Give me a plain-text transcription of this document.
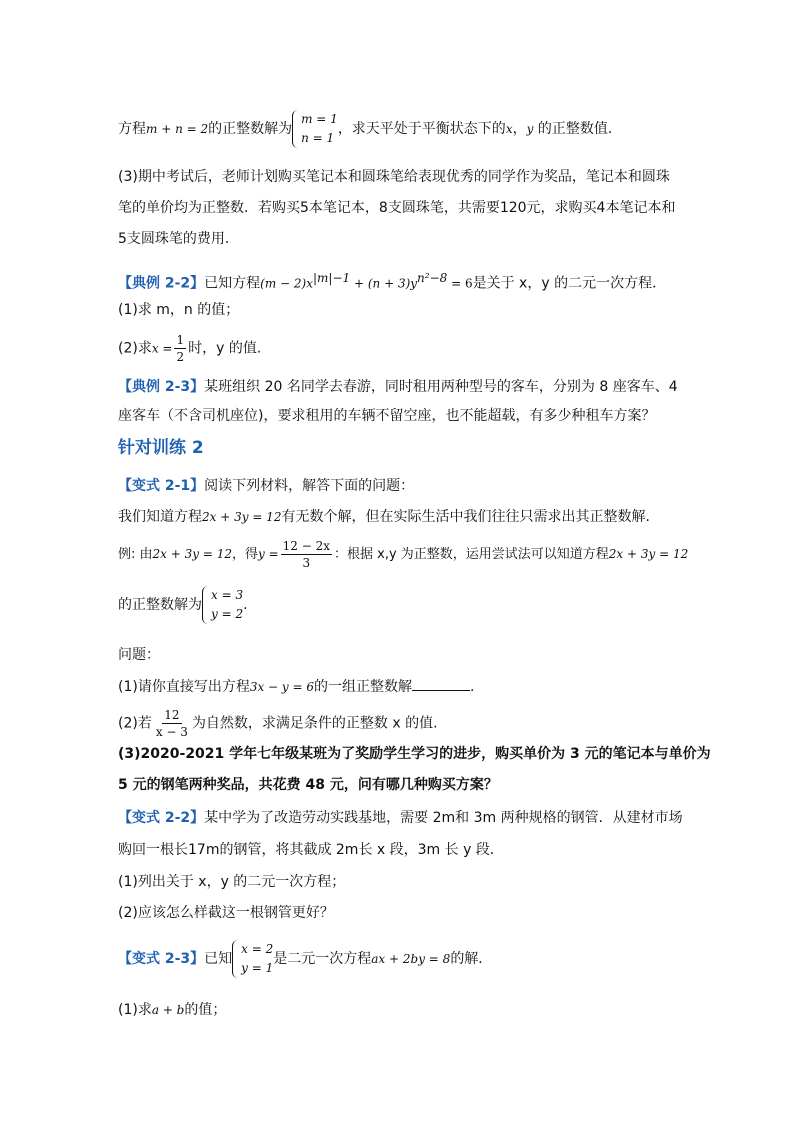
方程m + n = 2的正整数解为
m = 1
n = 1
，求天平处于平衡状态下的x，y 的正整数值.
(3)期中考试后，老师计划购买笔记本和圆珠笔给表现优秀的同学作为奖品，笔记本和圆珠
笔的单价均为正整数．若购买5本笔记本，8支圆珠笔，共需要120元，求购买4本笔记本和
5支圆珠笔的费用.
【典例 2-2】已知方程$(m - 2)x^{|m|-1} + (n + 3)y^{n^2-8} = 6$是关于 x，y 的二元一次方程．
(1)求 m，n 的值；
(2)求$x = \frac{1}{2}$ 时，y 的值.
【典例 2-3】某班组织 20 名同学去春游，同时租用两种型号的客车，分别为 8 座客车、4
座客车（不含司机座位)，要求租用的车辆不留空座，也不能超载，有多少种租车方案？
针对训练 2
【变式 2-1】阅读下列材料，解答下面的问题：
我们知道方程2x + 3y = 12有无数个解，但在实际生活中我们往往只需求出其正整数解．
例: 由2x + 3y = 12，得$y = \frac{12 - 2x}{3}$ ：根据 x,y 为正整数，运用尝试法可以知道方程2x + 3y = 12
的正整数解为
x = 3
y = 2
.
问题：
(1)请你直接写出方程3x − y = 6的一组正整数解	.
(2)若 $\frac{12}{x - 3}$ 为自然数，求满足条件的正整数 x 的值.
(3)2020-2021 学年七年级某班为了奖励学生学习的进步，购买单价为 3 元的笔记本与单价为
5 元的钢笔两种奖品，共花费 48 元，问有哪几种购买方案？
【变式 2-2】某中学为了改造劳动实践基地，需要 2m和 3m 两种规格的钢管．从建材市场
购回一根长17m的钢管，将其截成 2m长 x 段，3m 长 y 段．
(1)列出关于 x，y 的二元一次方程；
(2)应该怎么样截这一根钢管更好？
【变式 2-3】已知
x = 2
y = 1
是二元一次方程ax + 2by = 8的解．
(1)求a + b的值；
